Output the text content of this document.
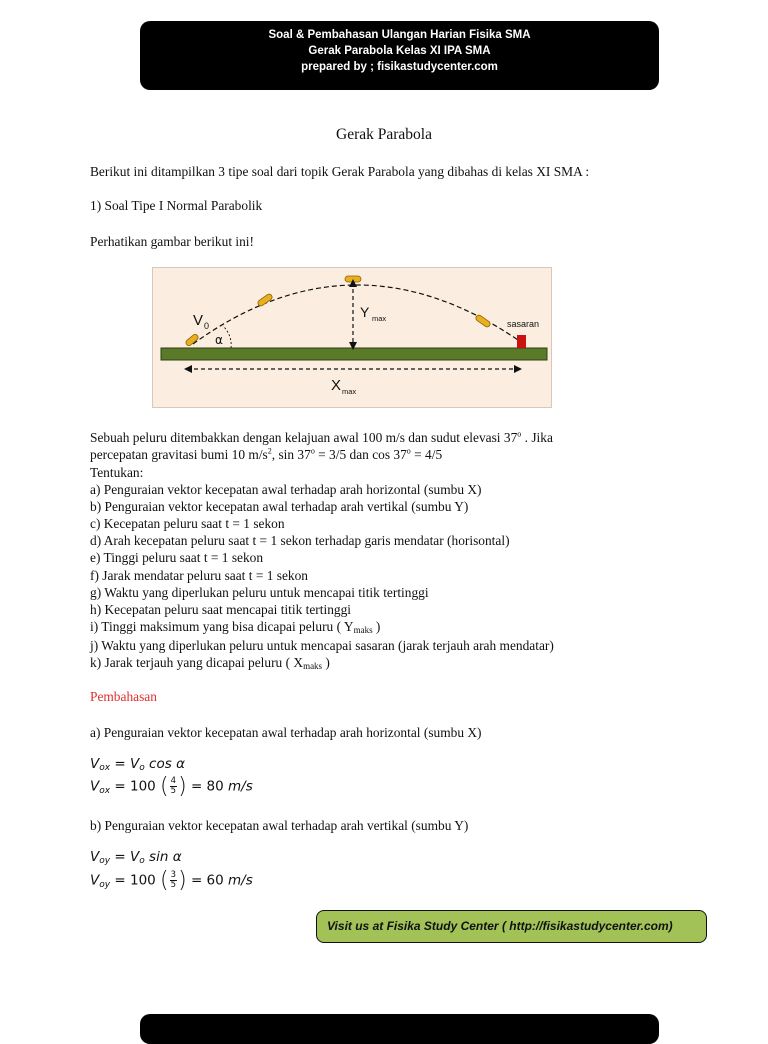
Soal & Pembahasan Ulangan Harian Fisika SMA
Gerak Parabola Kelas XI IPA SMA
prepared by ; fisikastudycenter.com
Gerak Parabola
Berikut ini ditampilkan 3 tipe soal dari topik Gerak Parabola yang dibahas di kelas XI SMA :
1) Soal Tipe I Normal Parabolik
Perhatikan gambar berikut ini!
sasaran
V 0
α
Y max
X max
Sebuah peluru ditembakkan dengan kelajuan awal 100 m/s dan sudut elevasi 37$^o$ . Jika
percepatan gravitasi bumi 10 $m/s^2$, $\sin 37^o = 3/5$ dan $\cos 37^o = 4/5$
Tentukan:
a) Penguraian vektor kecepatan awal terhadap arah horizontal (sumbu X)
b) Penguraian vektor kecepatan awal terhadap arah vertikal (sumbu Y)
c) Kecepatan peluru saat t = 1 sekon
d) Arah kecepatan peluru saat t = 1 sekon terhadap garis mendatar (horisontal)
e) Tinggi peluru saat t = 1 sekon
f) Jarak mendatar peluru saat t = 1 sekon
g) Waktu yang diperlukan peluru untuk mencapai titik tertinggi
h) Kecepatan peluru saat mencapai titik tertinggi
i) Tinggi maksimum yang bisa dicapai peluru ( $Y_{maks}$ )
j) Waktu yang diperlukan peluru untuk mencapai sasaran (jarak terjauh arah mendatar)
k) Jarak terjauh yang dicapai peluru ( $X_{maks}$ )
Pembahasan
a) Penguraian vektor kecepatan awal terhadap arah horizontal (sumbu X)
$V_{ox} = V_o$ cos α
$V_{ox} = 100$ ( $\frac{4}{5}$ ) = 80 m/s
b) Penguraian vektor kecepatan awal terhadap arah vertikal (sumbu Y)
$V_{oy} = V_o$ sin α
$V_{oy} = 100$ ( $\frac{3}{5}$ ) = 60 m/s
Visit us at Fisika Study Center ( http://fisikastudycenter.com)
